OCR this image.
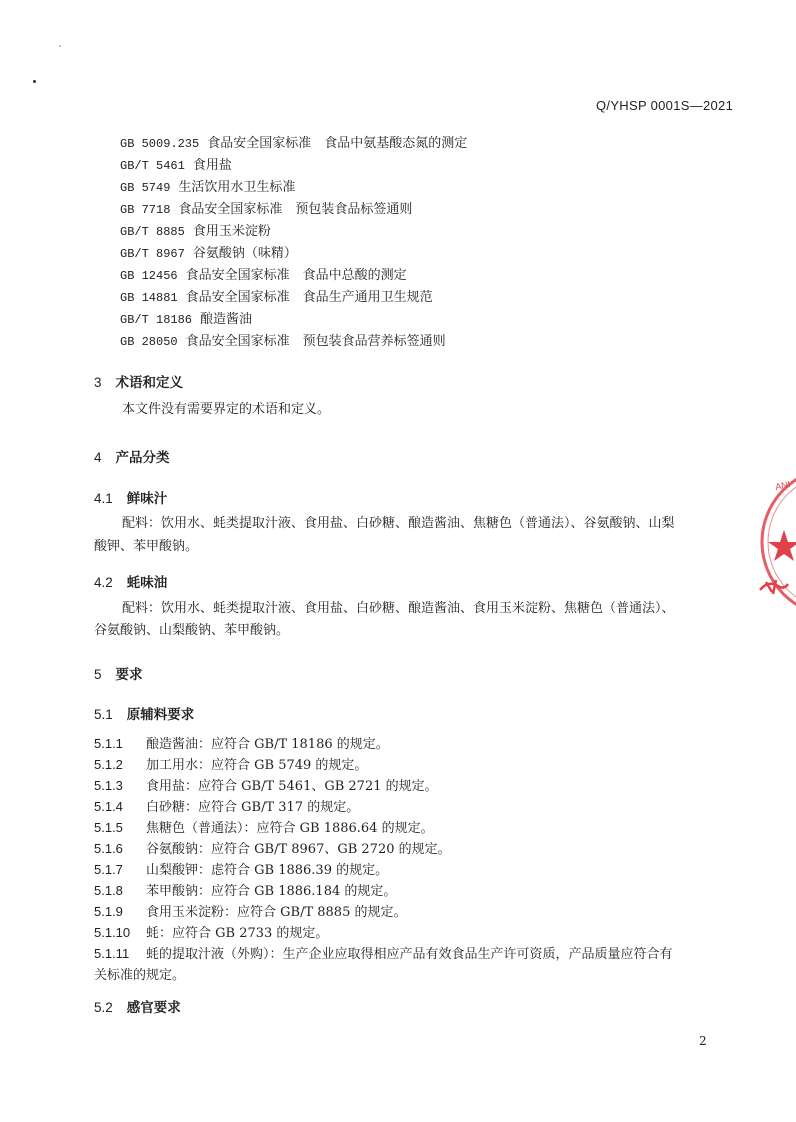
Q/YHSP 0001S—2021
GB 5009.235 食品安全国家标准　食品中氨基酸态氮的测定
GB/T 5461 食用盐
GB 5749 生活饮用水卫生标准
GB 7718 食品安全国家标准　预包装食品标签通则
GB/T 8885 食用玉米淀粉
GB/T 8967 谷氨酸钠（味精）
GB 12456 食品安全国家标准　食品中总酸的测定
GB 14881 食品安全国家标准　食品生产通用卫生规范
GB/T 18186 酿造酱油
GB 28050 食品安全国家标准　预包装食品营养标签通则
3 术语和定义
本文件没有需要界定的术语和定义。
4 产品分类
4.1 鲜味汁
配料：饮用水、蚝类提取汁液、食用盐、白砂糖、酿造酱油、焦糖色（普通法）、谷氨酸钠、山梨
酸钾、苯甲酸钠。
4.2 蚝味油
配料：饮用水、蚝类提取汁液、食用盐、白砂糖、酿造酱油、食用玉米淀粉、焦糖色（普通法）、
谷氨酸钠、山梨酸钠、苯甲酸钠。
5 要求
5.1 原辅料要求
5.1.1 酿造酱油：应符合 GB/T 18186 的规定。
5.1.2 加工用水：应符合 GB 5749 的规定。
5.1.3 食用盐：应符合 GB/T 5461、GB 2721 的规定。
5.1.4 白砂糖：应符合 GB/T 317 的规定。
5.1.5 焦糖色（普通法）：应符合 GB 1886.64 的规定。
5.1.6 谷氨酸钠：应符合 GB/T 8967、GB 2720 的规定。
5.1.7 山梨酸钾：虑符合 GB 1886.39 的规定。
5.1.8 苯甲酸钠：应符合 GB 1886.184 的规定。
5.1.9 食用玉米淀粉：应符合 GB/T 8885 的规定。
5.1.10 蚝：应符合 GB 2733 的规定。
5.1.11 蚝的提取汁液（外购）：生产企业应取得相应产品有效食品生产许可资质，产品质量应符合有
关标准的规定。
5.2 感官要求
2
ANI
